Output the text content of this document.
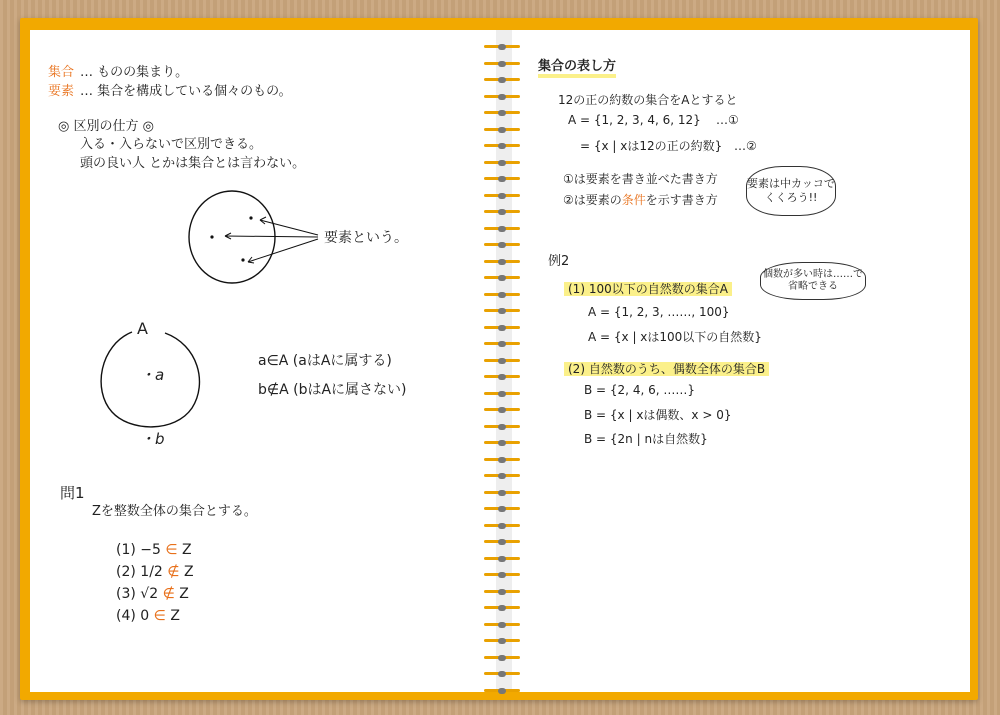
集合 … ものの集まり。
要素 … 集合を構成している個々のもの。
◎ 区別の仕方 ◎
入る・入らないで区別できる。
頭の良い人 とかは集合とは言わない。
要素という。
A
・a
・b
a∈A (aはAに属する)
b∉A (bはAに属さない)
問1
Zを整数全体の集合とする。
(1) −5 ∈ Z
(2) 1/2 ∉ Z
(3) √2 ∉ Z
(4) 0 ∈ Z
集合の表し方
12の正の約数の集合をAとすると
A = {1, 2, 3, 4, 6, 12} …①
= {x | xは12の正の約数} …②
①は要素を書き並べた書き方
②は要素の条件を示す書き方
要素は中カッコでくくろう!!
例2
(1) 100以下の自然数の集合A
個数が多い時は……で省略できる
A = {1, 2, 3, ……, 100}
A = {x | xは100以下の自然数}
(2) 自然数のうち、偶数全体の集合B
B = {2, 4, 6, ……}
B = {x | xは偶数、x > 0}
B = {2n | nは自然数}
